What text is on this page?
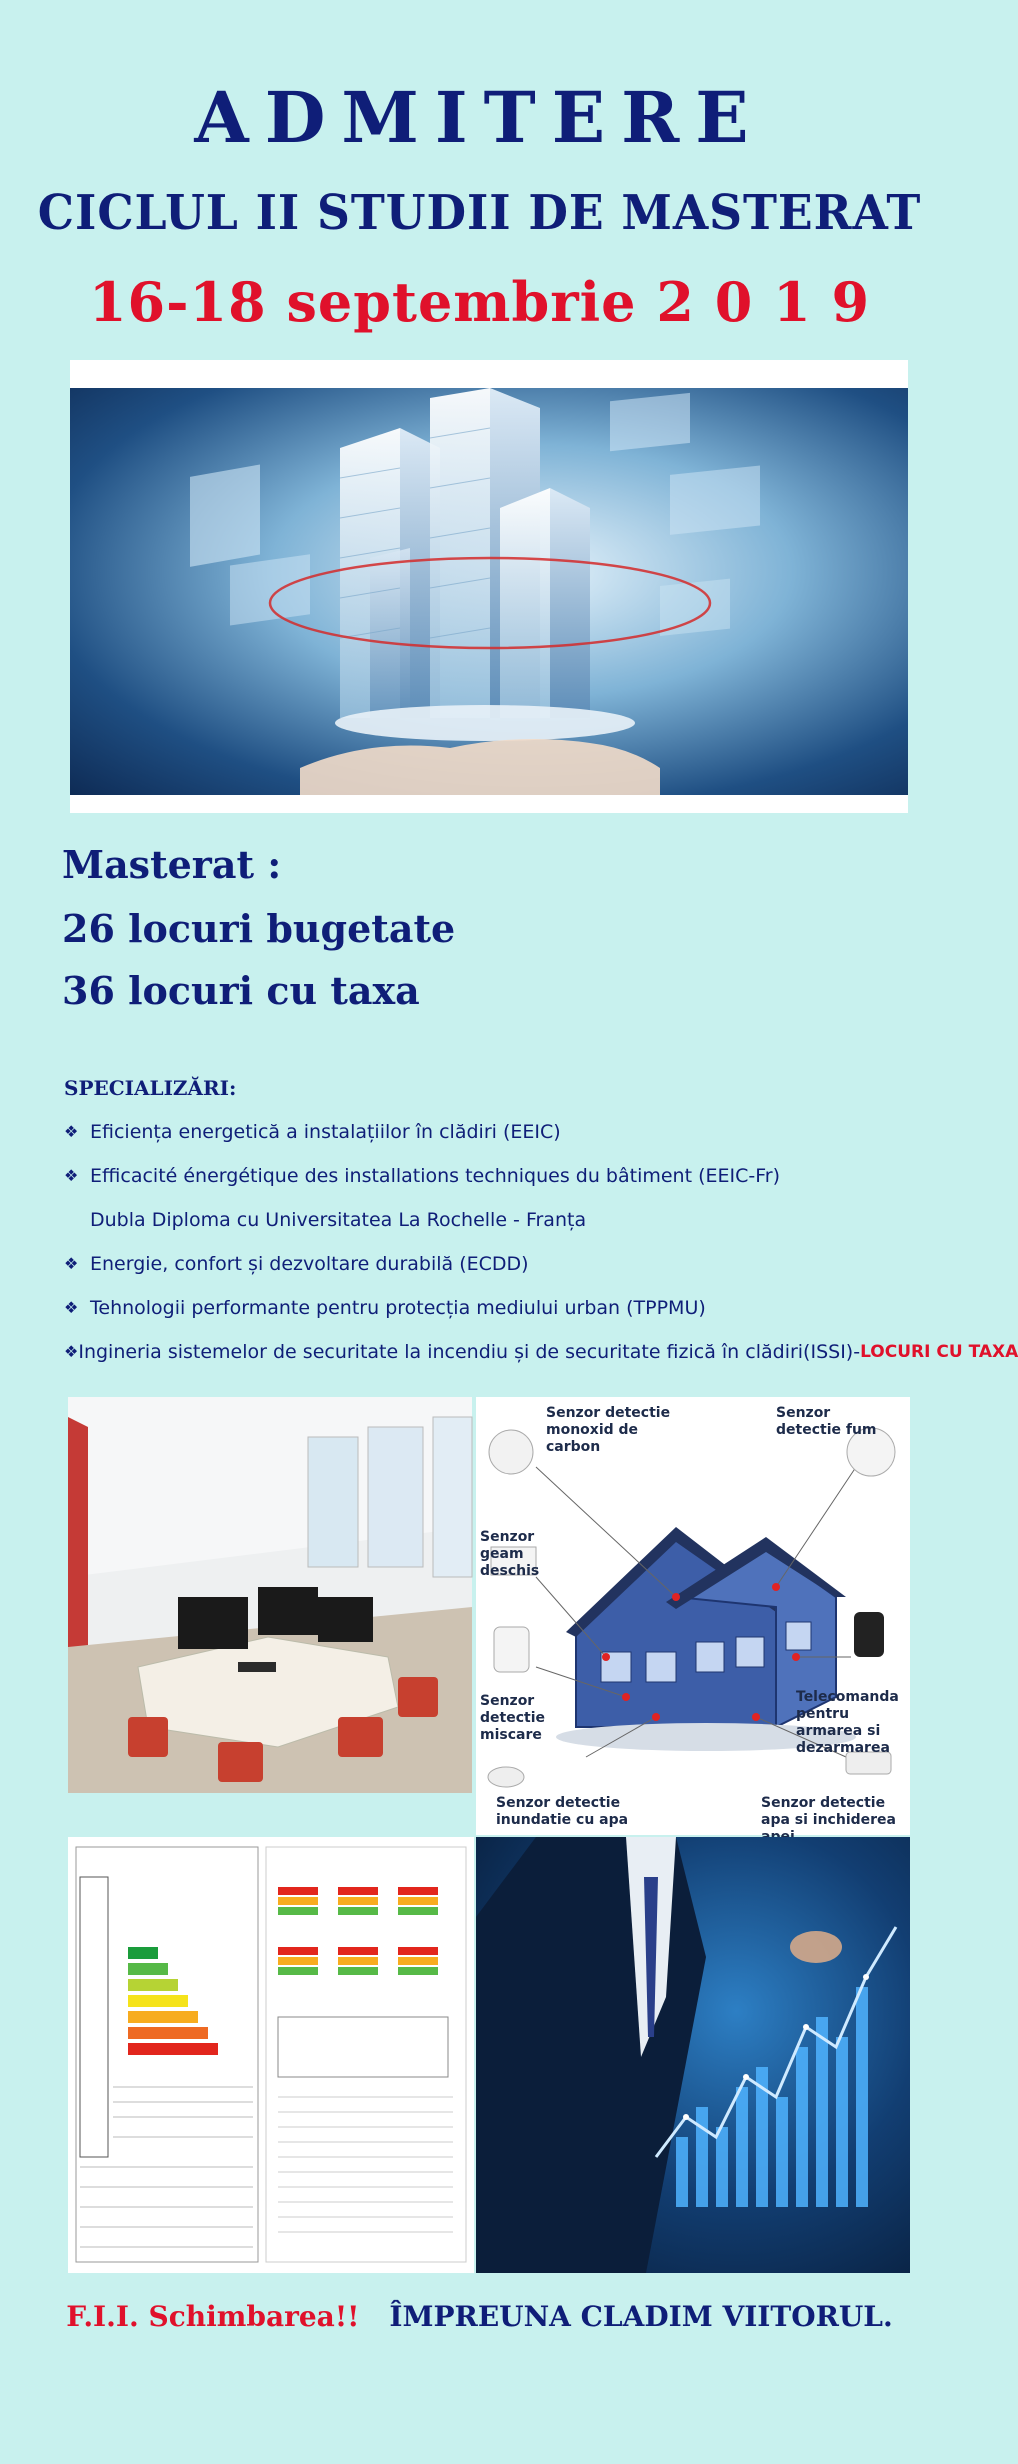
ADMITERE
CICLUL II STUDII DE MASTERAT
16-18 septembrie 2 0 1 9
Masterat :
26 locuri bugetate
36 locuri cu taxa
SPECIALIZĂRI:
❖ Eficiența energetică a instalațiilor în clădiri (EEIC)
❖ Efficacité énergétique des installations techniques du bâtiment (EEIC-Fr)
Dubla Diploma cu Universitatea La Rochelle - Franța
❖ Energie, confort și dezvoltare durabilă (ECDD)
❖ Tehnologii performante pentru protecția mediului urban (TPPMU)
❖ Ingineria sistemelor de securitate la incendiu și de securitate fizică în clădiri(ISSI)- LOCURI CU TAXA
Senzor detectie monoxid de carbon
Senzor detectie fum
Senzor geam deschis
Senzor detectie miscare
Telecomanda pentru armarea si dezarmarea
Senzor detectie inundatie cu apa
Senzor detectie apa si inchiderea
F.I.I. Schimbarea!! ÎMPREUNA CLADIM VIITORUL.
